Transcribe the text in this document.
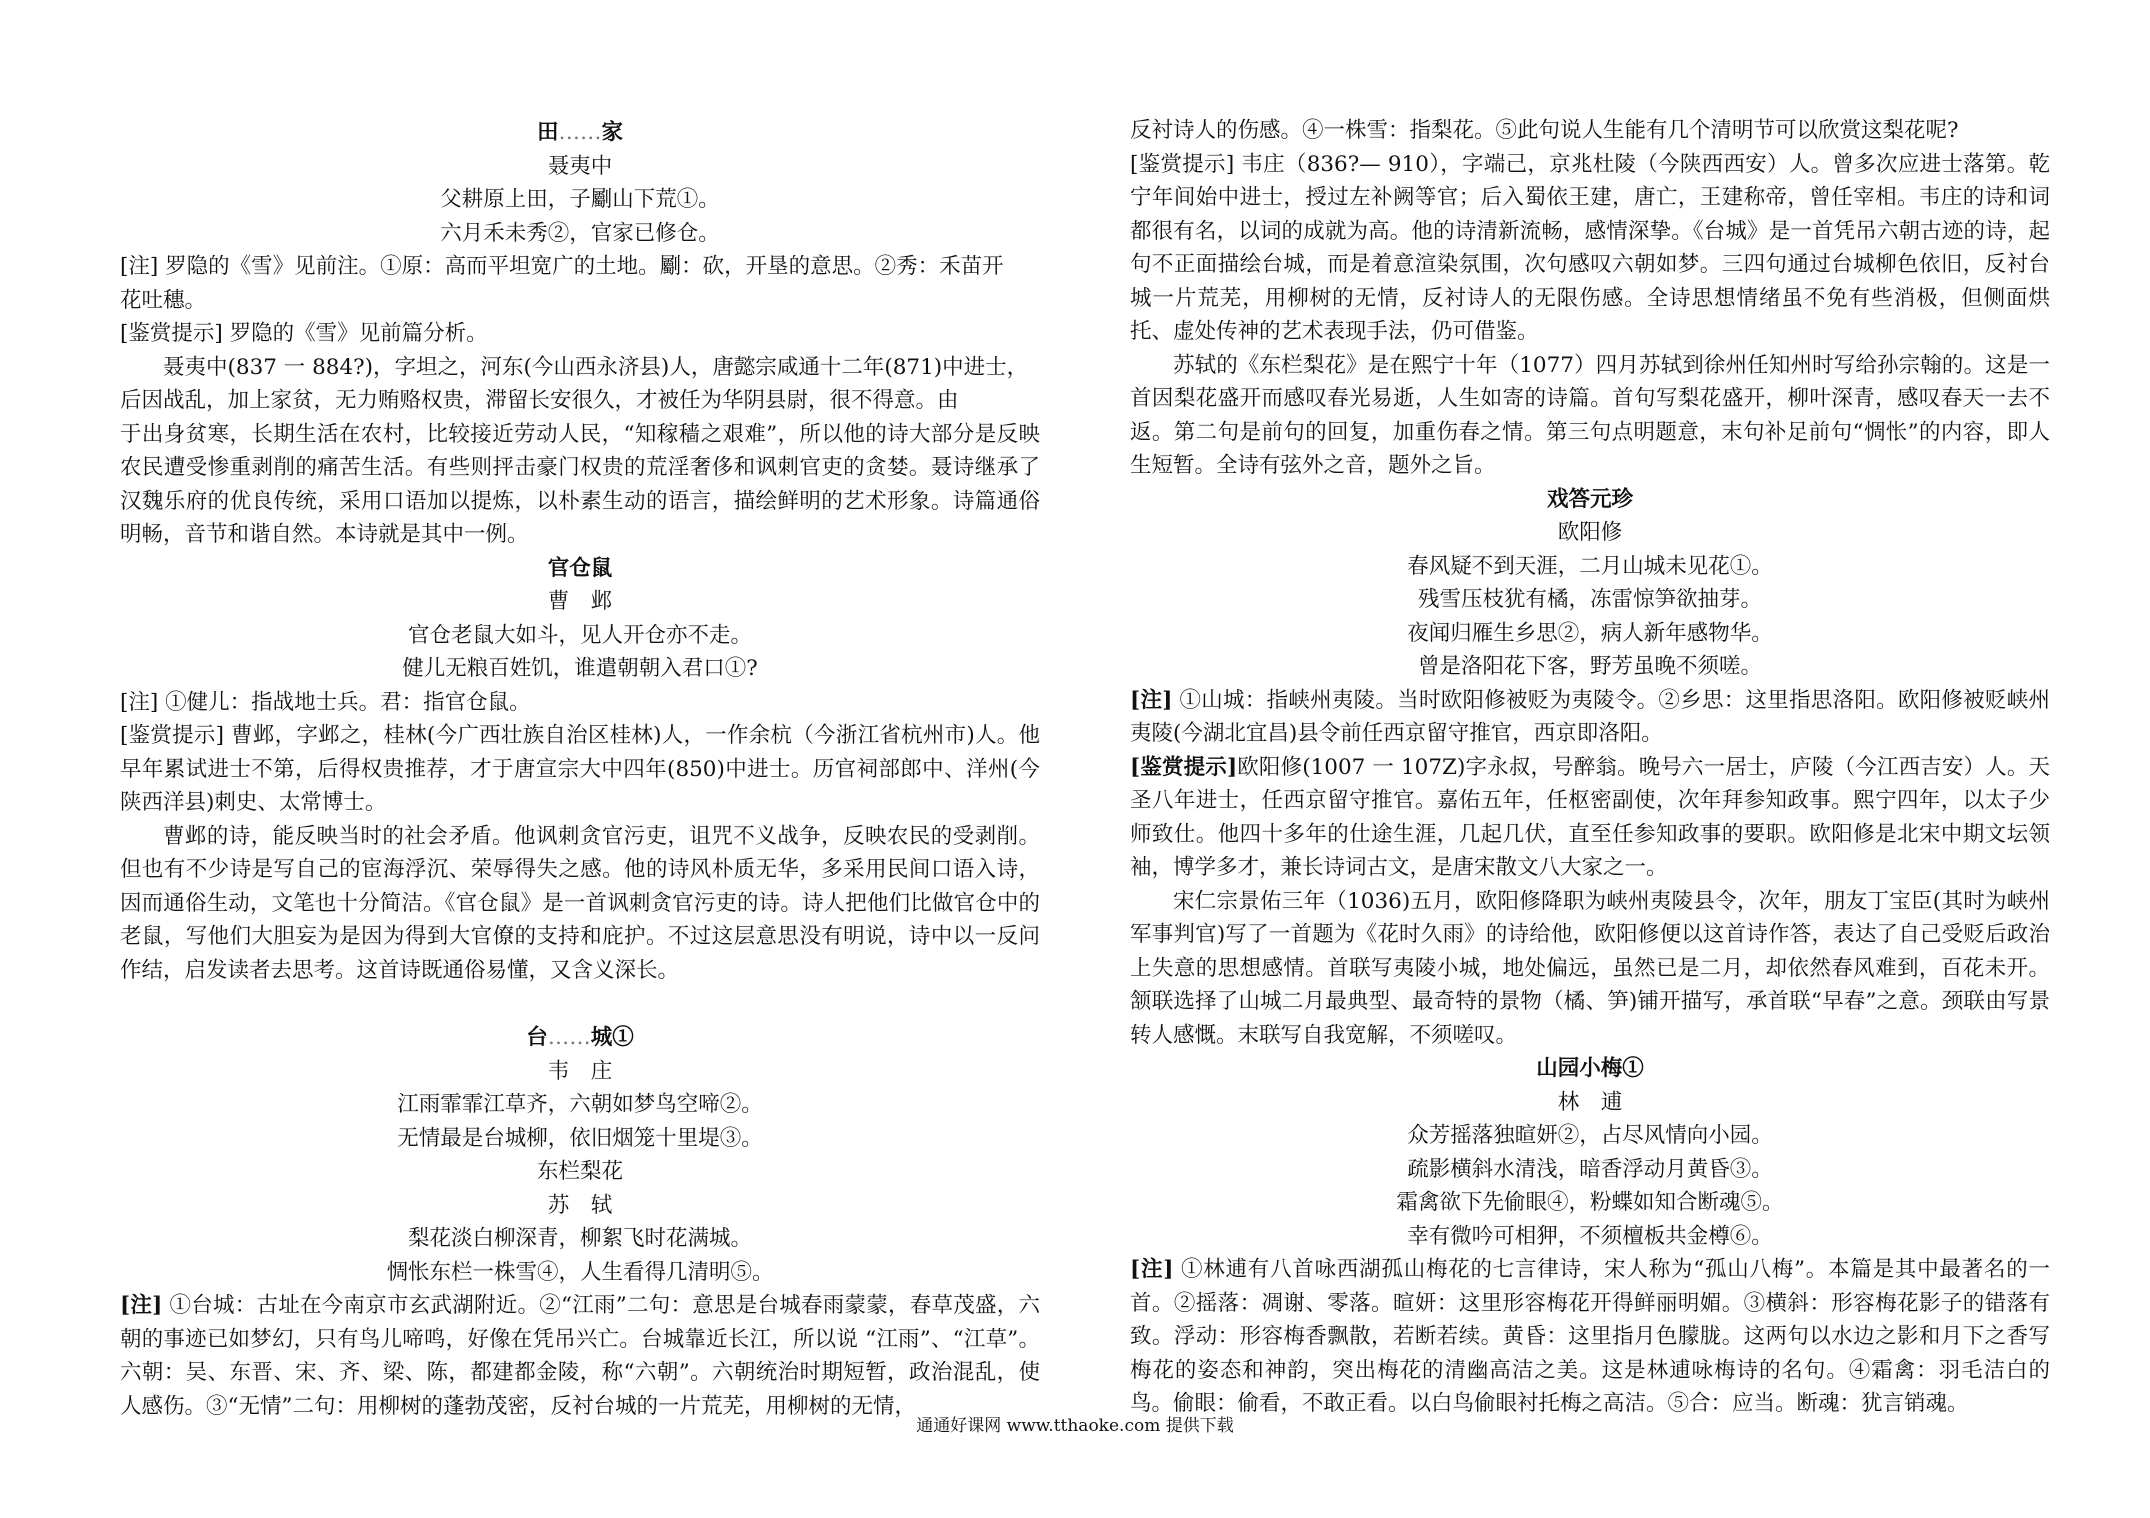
田……家

聂夷中

父耕原上田，子劚山下荒①。

六月禾未秀②，官家已修仓。

[注] 罗隐的《雪》见前注。①原：高而平坦宽广的土地。劚：砍，开垦的意思。②秀：禾苗开

花吐穗。

[鉴赏提示] 罗隐的《雪》见前篇分析。

聂夷中(837 一 884?)，字坦之，河东(今山西永济县)人，唐懿宗咸通十二年(871)中进士，

后因战乱，加上家贫，无力贿赂权贵，滞留长安很久，才被任为华阴县尉，很不得意。由

于出身贫寒，长期生活在农村，比较接近劳动人民，“知稼穑之艰难”，所以他的诗大部分是反映农民遭受惨重剥削的痛苦生活。有些则抨击豪门权贵的荒淫奢侈和讽刺官吏的贪婪。聂诗继承了汉魏乐府的优良传统，采用口语加以提炼，以朴素生动的语言，描绘鲜明的艺术形象。诗篇通俗明畅，音节和谐自然。本诗就是其中一例。

官仓鼠

曹　邺

官仓老鼠大如斗，见人开仓亦不走。

健儿无粮百姓饥，谁遣朝朝入君口①?

[注] ①健儿：指战地士兵。君：指官仓鼠。

[鉴赏提示] 曹邺，字邺之，桂林(今广西壮族自治区桂林)人，一作余杭（今浙江省杭州市)人。他早年累试进士不第，后得权贵推荐，才于唐宣宗大中四年(850)中进士。历官祠部郎中、洋州(今陕西洋县)刺史、太常博士。

曹邺的诗，能反映当时的社会矛盾。他讽刺贪官污吏，诅咒不义战争，反映农民的受剥削。但也有不少诗是写自己的宦海浮沉、荣辱得失之感。他的诗风朴质无华，多采用民间口语入诗，因而通俗生动，文笔也十分简洁。《官仓鼠》是一首讽刺贪官污吏的诗。诗人把他们比做官仓中的老鼠，写他们大胆妄为是因为得到大官僚的支持和庇护。不过这层意思没有明说，诗中以一反问作结，启发读者去思考。这首诗既通俗易懂，又含义深长。

台……城①

韦　庄

江雨霏霏江草齐，六朝如梦鸟空啼②。

无情最是台城柳，依旧烟笼十里堤③。

东栏梨花

苏　轼

梨花淡白柳深青，柳絮飞时花满城。

惆怅东栏一株雪④，人生看得几清明⑤。

[注] ①台城：古址在今南京市玄武湖附近。②“江雨”二句：意思是台城春雨蒙蒙，春草茂盛，六朝的事迹已如梦幻，只有鸟儿啼鸣，好像在凭吊兴亡。台城靠近长江，所以说 “江雨”、“江草”。六朝：吴、东晋、宋、齐、梁、陈，都建都金陵，称“六朝”。六朝统治时期短暂，政治混乱，使人感伤。③“无情”二句：用柳树的蓬勃茂密，反衬台城的一片荒芜，用柳树的无情，

反衬诗人的伤感。④一株雪：指梨花。⑤此句说人生能有几个清明节可以欣赏这梨花呢?

[鉴赏提示] 韦庄（836?— 910），字端己，京兆杜陵（今陕西西安）人。曾多次应进士落第。乾宁年间始中进士，授过左补阙等官；后入蜀依王建，唐亡，王建称帝，曾任宰相。韦庄的诗和词都很有名，以词的成就为高。他的诗清新流畅，感情深挚。《台城》是一首凭吊六朝古迹的诗，起句不正面描绘台城，而是着意渲染氛围，次句感叹六朝如梦。三四句通过台城柳色依旧，反衬台城一片荒芜，用柳树的无情，反衬诗人的无限伤感。全诗思想情绪虽不免有些消极，但侧面烘托、虚处传神的艺术表现手法，仍可借鉴。

苏轼的《东栏梨花》是在熙宁十年（1077）四月苏轼到徐州任知州时写给孙宗翰的。这是一首因梨花盛开而感叹春光易逝，人生如寄的诗篇。首句写梨花盛开，柳叶深青，感叹春天一去不返。第二句是前句的回复，加重伤春之情。第三句点明题意，末句补足前句“惆怅”的内容，即人生短暂。全诗有弦外之音，题外之旨。

戏答元珍

欧阳修

春风疑不到天涯，二月山城未见花①。

残雪压枝犹有橘，冻雷惊笋欲抽芽。

夜闻归雁生乡思②，病人新年感物华。

曾是洛阳花下客，野芳虽晚不须嗟。

[注] ①山城：指峡州夷陵。当时欧阳修被贬为夷陵令。②乡思：这里指思洛阳。欧阳修被贬峡州夷陵(今湖北宜昌)县令前任西京留守推官，西京即洛阳。

[鉴赏提示]欧阳修(1007 一 107Z)字永叔，号醉翁。晚号六一居士，庐陵（今江西吉安）人。天圣八年进士，任西京留守推官。嘉佑五年，任枢密副使，次年拜参知政事。熙宁四年，以太子少师致仕。他四十多年的仕途生涯，几起几伏，直至任参知政事的要职。欧阳修是北宋中期文坛领袖，博学多才，兼长诗词古文，是唐宋散文八大家之一。

宋仁宗景佑三年（1036)五月，欧阳修降职为峡州夷陵县令，次年，朋友丁宝臣(其时为峡州军事判官)写了一首题为《花时久雨》的诗给他，欧阳修便以这首诗作答，表达了自己受贬后政治上失意的思想感情。首联写夷陵小城，地处偏远，虽然已是二月，却依然春风难到，百花未开。颔联选择了山城二月最典型、最奇特的景物（橘、笋)铺开描写，承首联“早春”之意。颈联由写景转人感慨。末联写自我宽解，不须嗟叹。

山园小梅①

林　逋

众芳摇落独暄妍②，占尽风情向小园。

疏影横斜水清浅，暗香浮动月黄昏③。

霜禽欲下先偷眼④，粉蝶如知合断魂⑤。

幸有微吟可相狎，不须檀板共金樽⑥。

[注] ①林逋有八首咏西湖孤山梅花的七言律诗，宋人称为“孤山八梅”。本篇是其中最著名的一首。②摇落：凋谢、零落。暄妍：这里形容梅花开得鲜丽明媚。③横斜：形容梅花影子的错落有致。浮动：形容梅香飘散，若断若续。黄昏：这里指月色朦胧。这两句以水边之影和月下之香写梅花的姿态和神韵，突出梅花的清幽高洁之美。这是林逋咏梅诗的名句。④霜禽：羽毛洁白的鸟。偷眼：偷看，不敢正看。以白鸟偷眼衬托梅之高洁。⑤合：应当。断魂：犹言销魂。

通通好课网 www.tthaoke.com 提供下载
